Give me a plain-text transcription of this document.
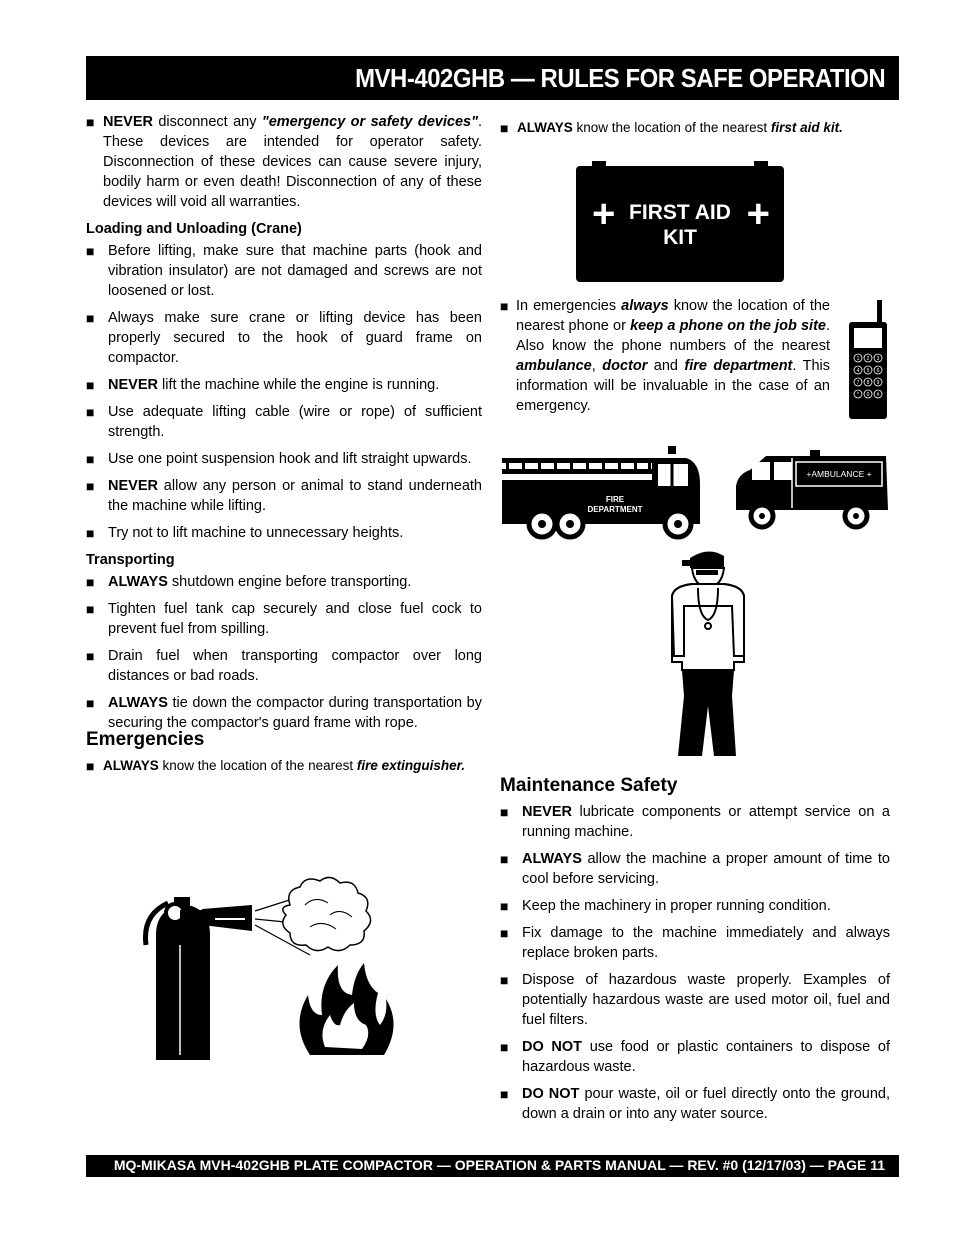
MVH-402GHB — RULES FOR SAFE OPERATION
■ NEVER disconnect any "emergency or safety devices". These devices are intended for operator safety. Disconnection of these devices can cause severe injury, bodily harm or even death! Disconnection of any of these devices will void all warranties.
Loading and Unloading (Crane)
■ Before lifting, make sure that machine parts (hook and vibration insulator) are not damaged and screws are not loosened or lost.
■ Always make sure crane or lifting device has been properly secured to the hook of guard frame on compactor.
■ NEVER lift the machine while the engine is running.
■ Use adequate lifting cable (wire or rope) of sufficient strength.
■ Use one point suspension hook and lift straight upwards.
■ NEVER allow any person or animal to stand underneath the machine while lifting.
■ Try not to lift machine to unnecessary heights.
Transporting
■ ALWAYS shutdown engine before transporting.
■ Tighten fuel tank cap securely and close fuel cock to prevent fuel from spilling.
■ Drain fuel when transporting compactor over long distances or bad roads.
■ ALWAYS tie down the compactor during transportation by securing the compactor's guard frame with rope.
Emergencies
■ ALWAYS know the location of the nearest fire extinguisher.
■ ALWAYS know the location of the nearest first aid kit.
+	+
FIRST AID
KIT
■ In emergencies always know the location of the nearest phone or keep a phone on the job site. Also know the phone numbers of the nearest ambulance, doctor and fire department. This information will be invaluable in the case of an emergency.
1 2 3
4 5 6
7 8 9
* 0 #
FIRE
DEPARTMENT
+AMBULANCE +
Maintenance Safety
■ NEVER lubricate components or attempt service on a running machine.
■ ALWAYS allow the machine a proper amount of time to cool before servicing.
■ Keep the machinery in proper running condition.
■ Fix damage to the machine immediately and always replace broken parts.
■ Dispose of hazardous waste properly. Examples of potentially hazardous waste are used motor oil, fuel and fuel filters.
■ DO NOT use food or plastic containers to dispose of hazardous waste.
■ DO NOT pour waste, oil or fuel directly onto the ground, down a drain or into any water source.
MQ-MIKASA MVH-402GHB PLATE COMPACTOR — OPERATION & PARTS MANUAL — REV. #0 (12/17/03) — PAGE 11
